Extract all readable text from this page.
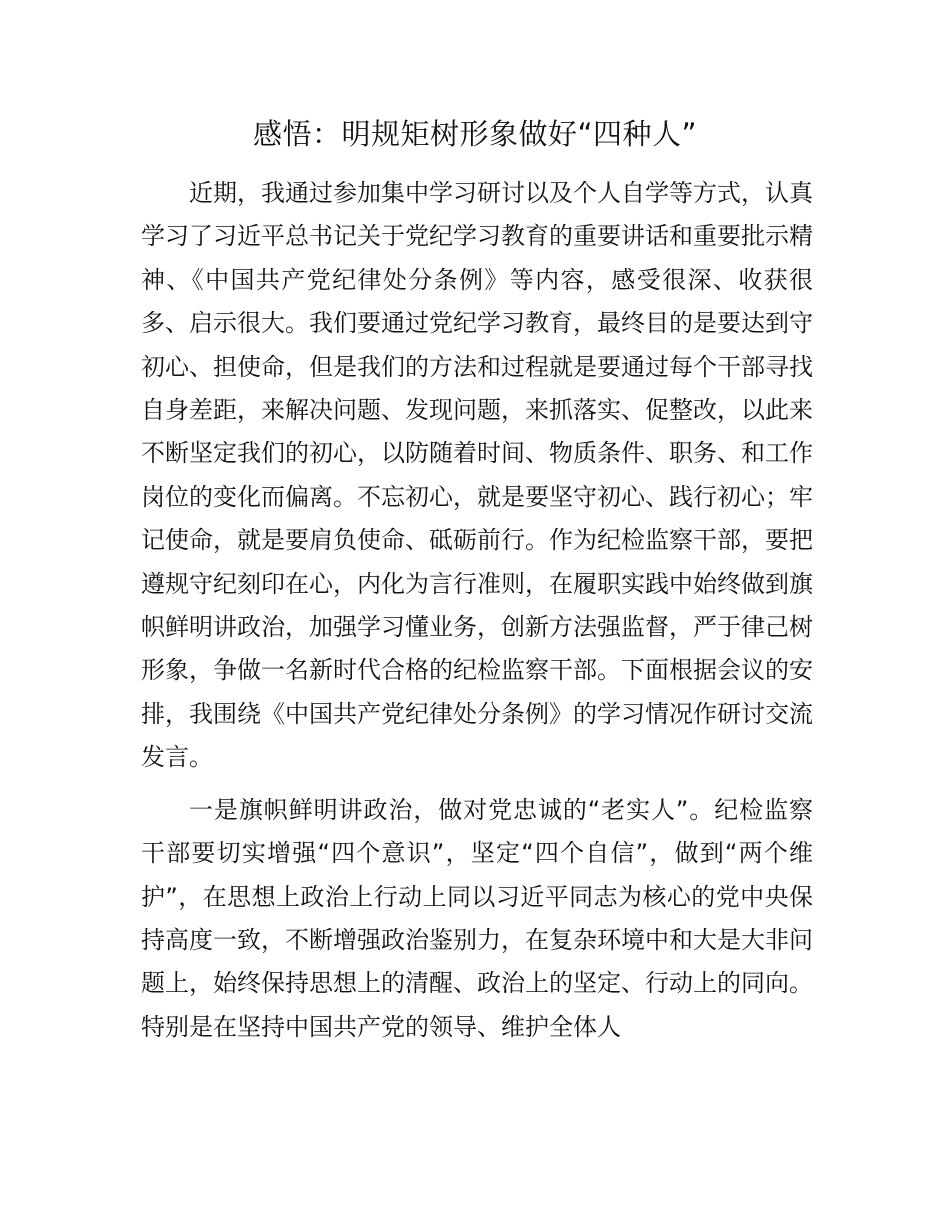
感悟：明规矩树形象做好“四种人”

近期，我通过参加集中学习研讨以及个人自学等方式，认真学习了习近平总书记关于党纪学习教育的重要讲话和重要批示精神、《中国共产党纪律处分条例》等内容，感受很深、收获很多、启示很大。我们要通过党纪学习教育，最终目的是要达到守初心、担使命，但是我们的方法和过程就是要通过每个干部寻找自身差距，来解决问题、发现问题，来抓落实、促整改，以此来不断坚定我们的初心，以防随着时间、物质条件、职务、和工作岗位的变化而偏离。不忘初心，就是要坚守初心、践行初心；牢记使命，就是要肩负使命、砥砺前行。作为纪检监察干部，要把遵规守纪刻印在心，内化为言行准则，在履职实践中始终做到旗帜鲜明讲政治，加强学习懂业务，创新方法强监督，严于律己树形象，争做一名新时代合格的纪检监察干部。下面根据会议的安排，我围绕《中国共产党纪律处分条例》的学习情况作研讨交流发言。

一是旗帜鲜明讲政治，做对党忠诚的“老实人”。纪检监察干部要切实增强“四个意识”，坚定“四个自信”，做到“两个维护”，在思想上政治上行动上同以习近平同志为核心的党中央保持高度一致，不断增强政治鉴别力，在复杂环境中和大是大非问题上，始终保持思想上的清醒、政治上的坚定、行动上的同向。特别是在坚持中国共产党的领导、维护全体人
